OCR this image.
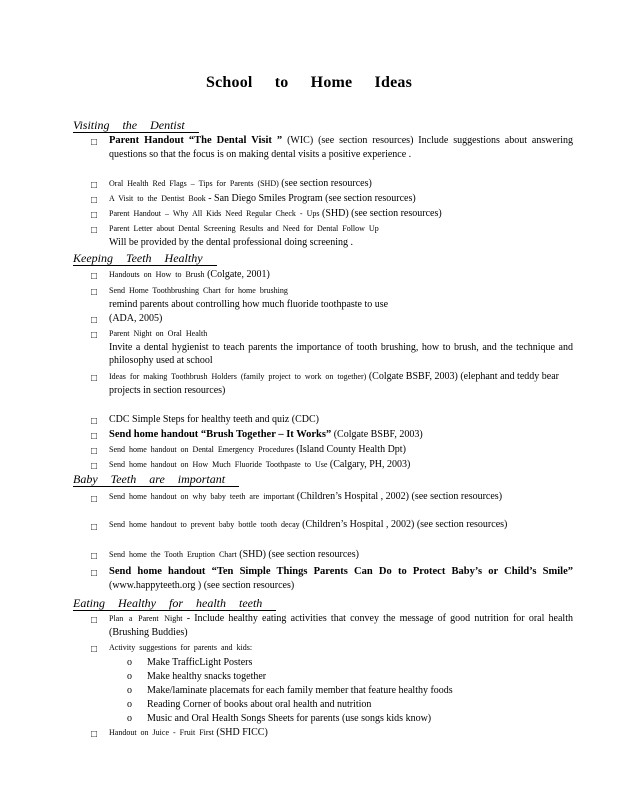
School to Home Ideas
Visiting the Dentist
□ Parent Handout “The Dental Visit ” (WIC) (see section resources) Include suggestions about answering questions so that the focus is on making dental visits a positive experience .
□ Oral Health Red Flags – Tips for Parents (SHD) (see section resources)
□ A Visit to the Dentist Book - San Diego Smiles Program (see section resources)
□ Parent Handout – Why All Kids Need Regular Check - Ups (SHD) (see section resources)
□ Parent Letter about Dental Screening Results and Need for Dental Follow Up
Will be provided by the dental professional doing screening .
Keeping Teeth Healthy
□ Handouts on How to Brush (Colgate, 2001)
□ Send Home Toothbrushing Chart for home brushing
remind parents about controlling how much fluoride toothpaste to use
□ (ADA, 2005)
□ Parent Night on Oral Health
Invite a dental hygienist to teach parents the importance of tooth brushing, how to brush, and the technique and philosophy used at school
□ Ideas for making Toothbrush Holders (family project to work on together) (Colgate BSBF, 2003) (elephant and teddy bear projects in section resources)
□ CDC Simple Steps for healthy teeth and quiz (CDC)
□ Send home handout “Brush Together – It Works” (Colgate BSBF, 2003)
□ Send home handout on Dental Emergency Procedures (Island County Health Dpt)
□ Send home handout on How Much Fluoride Toothpaste to Use (Calgary, PH, 2003)
Baby Teeth are important
□ Send home handout on why baby teeth are important (Children’s Hospital , 2002) (see section resources)
□ Send home handout to prevent baby bottle tooth decay (Children’s Hospital , 2002) (see section resources)
□ Send home the Tooth Eruption Chart (SHD) (see section resources)
□ Send home handout “Ten Simple Things Parents Can Do to Protect Baby’s or Child’s Smile” (www.happyteeth.org ) (see section resources)
Eating Healthy for health teeth
□ Plan a Parent Night - Include healthy eating activities that convey the message of good nutrition for oral health (Brushing Buddies)
□ Activity suggestions for parents and kids:
o Make TrafficLight Posters
o Make healthy snacks together
o Make/laminate placemats for each family member that feature healthy foods
o Reading Corner of books about oral health and nutrition
o Music and Oral Health Songs Sheets for parents (use songs kids know)
□ Handout on Juice - Fruit First (SHD FICC)
